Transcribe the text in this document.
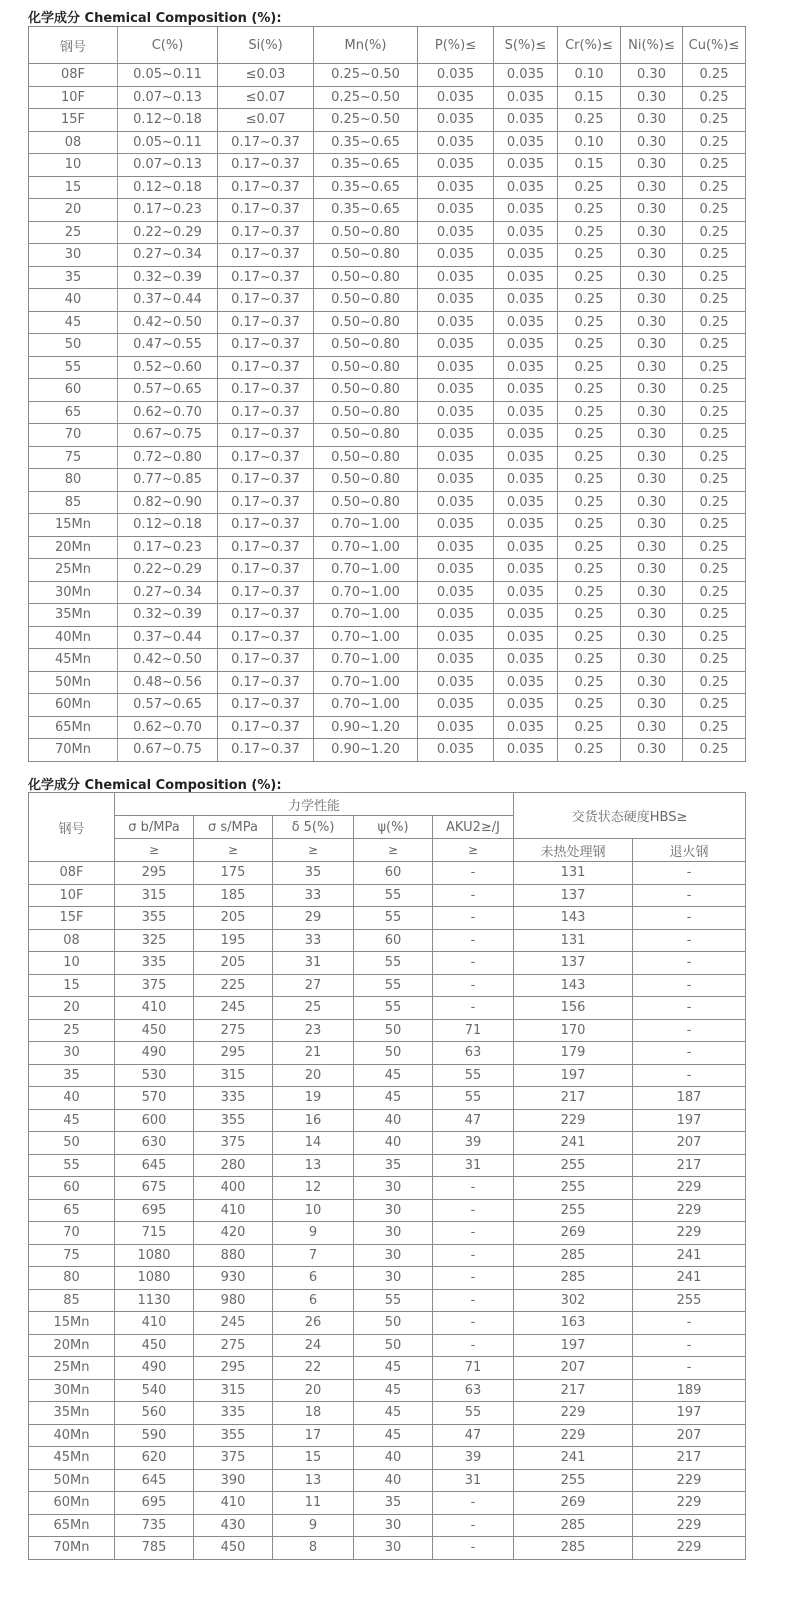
化学成分 Chemical Composition (%):
钢号	C(%)	Si(%)	Mn(%)	P(%)≤	S(%)≤	Cr(%)≤	Ni(%)≤	Cu(%)≤
08F	0.05~0.11	≤0.03	0.25~0.50	0.035	0.035	0.10	0.30	0.25
10F	0.07~0.13	≤0.07	0.25~0.50	0.035	0.035	0.15	0.30	0.25
15F	0.12~0.18	≤0.07	0.25~0.50	0.035	0.035	0.25	0.30	0.25
08	0.05~0.11	0.17~0.37	0.35~0.65	0.035	0.035	0.10	0.30	0.25
10	0.07~0.13	0.17~0.37	0.35~0.65	0.035	0.035	0.15	0.30	0.25
15	0.12~0.18	0.17~0.37	0.35~0.65	0.035	0.035	0.25	0.30	0.25
20	0.17~0.23	0.17~0.37	0.35~0.65	0.035	0.035	0.25	0.30	0.25
25	0.22~0.29	0.17~0.37	0.50~0.80	0.035	0.035	0.25	0.30	0.25
30	0.27~0.34	0.17~0.37	0.50~0.80	0.035	0.035	0.25	0.30	0.25
35	0.32~0.39	0.17~0.37	0.50~0.80	0.035	0.035	0.25	0.30	0.25
40	0.37~0.44	0.17~0.37	0.50~0.80	0.035	0.035	0.25	0.30	0.25
45	0.42~0.50	0.17~0.37	0.50~0.80	0.035	0.035	0.25	0.30	0.25
50	0.47~0.55	0.17~0.37	0.50~0.80	0.035	0.035	0.25	0.30	0.25
55	0.52~0.60	0.17~0.37	0.50~0.80	0.035	0.035	0.25	0.30	0.25
60	0.57~0.65	0.17~0.37	0.50~0.80	0.035	0.035	0.25	0.30	0.25
65	0.62~0.70	0.17~0.37	0.50~0.80	0.035	0.035	0.25	0.30	0.25
70	0.67~0.75	0.17~0.37	0.50~0.80	0.035	0.035	0.25	0.30	0.25
75	0.72~0.80	0.17~0.37	0.50~0.80	0.035	0.035	0.25	0.30	0.25
80	0.77~0.85	0.17~0.37	0.50~0.80	0.035	0.035	0.25	0.30	0.25
85	0.82~0.90	0.17~0.37	0.50~0.80	0.035	0.035	0.25	0.30	0.25
15Mn	0.12~0.18	0.17~0.37	0.70~1.00	0.035	0.035	0.25	0.30	0.25
20Mn	0.17~0.23	0.17~0.37	0.70~1.00	0.035	0.035	0.25	0.30	0.25
25Mn	0.22~0.29	0.17~0.37	0.70~1.00	0.035	0.035	0.25	0.30	0.25
30Mn	0.27~0.34	0.17~0.37	0.70~1.00	0.035	0.035	0.25	0.30	0.25
35Mn	0.32~0.39	0.17~0.37	0.70~1.00	0.035	0.035	0.25	0.30	0.25
40Mn	0.37~0.44	0.17~0.37	0.70~1.00	0.035	0.035	0.25	0.30	0.25
45Mn	0.42~0.50	0.17~0.37	0.70~1.00	0.035	0.035	0.25	0.30	0.25
50Mn	0.48~0.56	0.17~0.37	0.70~1.00	0.035	0.035	0.25	0.30	0.25
60Mn	0.57~0.65	0.17~0.37	0.70~1.00	0.035	0.035	0.25	0.30	0.25
65Mn	0.62~0.70	0.17~0.37	0.90~1.20	0.035	0.035	0.25	0.30	0.25
70Mn	0.67~0.75	0.17~0.37	0.90~1.20	0.035	0.035	0.25	0.30	0.25
化学成分 Chemical Composition (%):
钢号	力学性能					交货状态硬度HBS≥	
	σ b/MPa	σ s/MPa	δ 5(%)	ψ(%)	AKU2≥/J		
	≥	≥	≥	≥	≥	未热处理钢	退火钢
08F	295	175	35	60	-	131	-
10F	315	185	33	55	-	137	-
15F	355	205	29	55	-	143	-
08	325	195	33	60	-	131	-
10	335	205	31	55	-	137	-
15	375	225	27	55	-	143	-
20	410	245	25	55	-	156	-
25	450	275	23	50	71	170	-
30	490	295	21	50	63	179	-
35	530	315	20	45	55	197	-
40	570	335	19	45	55	217	187
45	600	355	16	40	47	229	197
50	630	375	14	40	39	241	207
55	645	280	13	35	31	255	217
60	675	400	12	30	-	255	229
65	695	410	10	30	-	255	229
70	715	420	9	30	-	269	229
75	1080	880	7	30	-	285	241
80	1080	930	6	30	-	285	241
85	1130	980	6	55	-	302	255
15Mn	410	245	26	50	-	163	-
20Mn	450	275	24	50	-	197	-
25Mn	490	295	22	45	71	207	-
30Mn	540	315	20	45	63	217	189
35Mn	560	335	18	45	55	229	197
40Mn	590	355	17	45	47	229	207
45Mn	620	375	15	40	39	241	217
50Mn	645	390	13	40	31	255	229
60Mn	695	410	11	35	-	269	229
65Mn	735	430	9	30	-	285	229
70Mn	785	450	8	30	-	285	229
